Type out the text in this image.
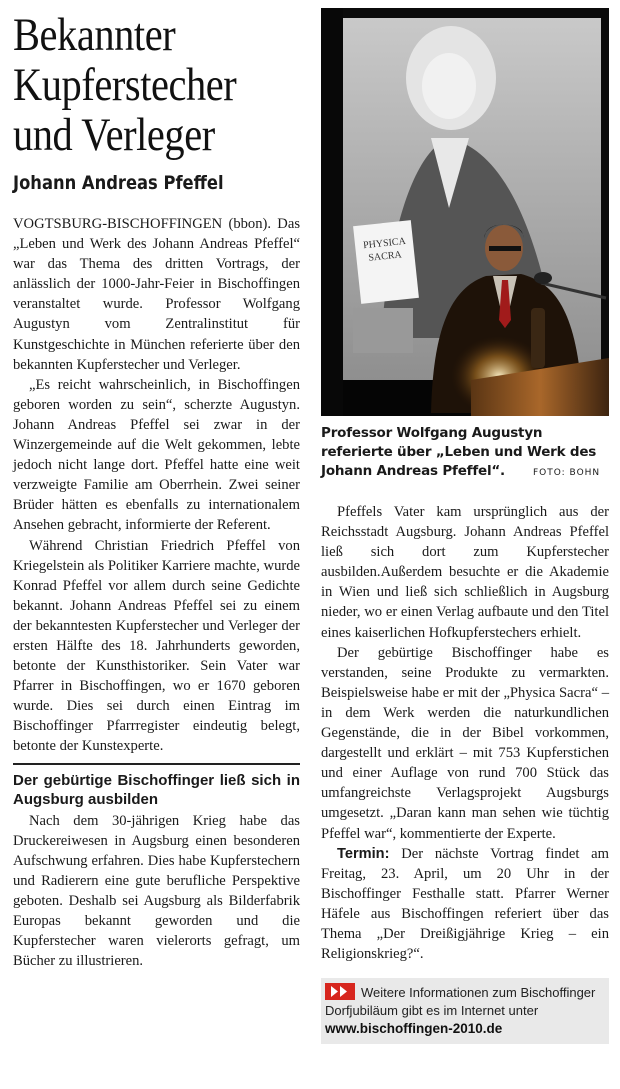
Bekannter
Kupferstecher
und Verleger
Johann Andreas Pfeffel

VOGTSBURG-BISCHOFFINGEN (bbon). Das „Leben und Werk des Johann Andreas Pfeffel“ war das Thema des dritten Vortrags, der anlässlich der 1000-Jahr-Feier in Bischoffingen veranstaltet wurde. Professor Wolfgang Augustyn vom Zentralinstitut für Kunstgeschichte in München referierte über den bekannten Kupferstecher und Verleger.

„Es reicht wahrscheinlich, in Bischoffingen geboren worden zu sein“, scherzte Augustyn. Johann Andreas Pfeffel sei zwar in der Winzergemeinde auf die Welt gekommen, lebte jedoch nicht lange dort. Pfeffel hatte eine weit verzweigte Familie am Oberrhein. Zwei seiner Brüder hätten es ebenfalls zu internationalem Ansehen gebracht, informierte der Referent.

Während Christian Friedrich Pfeffel von Kriegelstein als Politiker Karriere machte, wurde Konrad Pfeffel vor allem durch seine Gedichte bekannt. Johann Andreas Pfeffel sei zu einem der bekanntesten Kupferstecher und Verleger der ersten Hälfte des 18. Jahrhunderts geworden, betonte der Kunsthistoriker. Sein Vater war Pfarrer in Bischoffingen, wo er 1670 geboren wurde. Dies sei durch einen Eintrag im Bischoffinger Pfarrregister eindeutig belegt, betonte der Kunstexperte.

Der gebürtige Bischoffinger ließ sich in Augsburg ausbilden

Nach dem 30-jährigen Krieg habe das Druckereiwesen in Augsburg einen besonderen Aufschwung erfahren. Dies habe Kupferstechern und Radierern eine gute berufliche Perspektive geboten. Deshalb sei Augsburg als Bilderfabrik Europas bekannt geworden und die Kupferstecher waren vielerorts gefragt, um Bücher zu illustrieren.

PHYSICA
SACRA
Professor Wolfgang Augustyn referierte über „Leben und Werk des Johann Andreas Pfeffel“.	FOTO: BOHN

Pfeffels Vater kam ursprünglich aus der Reichsstadt Augsburg. Johann Andreas Pfeffel ließ sich dort zum Kupferstecher ausbilden.Außerdem besuchte er die Akademie in Wien und ließ sich schließlich in Augsburg nieder, wo er einen Verlag aufbaute und den Titel eines kaiserlichen Hofkupferstechers erhielt.

Der gebürtige Bischoffinger habe es verstanden, seine Produkte zu vermarkten. Beispielsweise habe er mit der „Physica Sacra“ – in dem Werk werden die naturkundlichen Gegenstände, die in der Bibel vorkommen, dargestellt und erklärt – mit 753 Kupferstichen und einer Auflage von rund 700 Stück das umfangreichste Verlagsprojekt Augsburgs umgesetzt. „Daran kann man sehen wie tüchtig Pfeffel war“, kommentierte der Experte.

Termin: Der nächste Vortrag findet am Freitag, 23. April, um 20 Uhr in der Bischoffinger Festhalle statt. Pfarrer Werner Häfele aus Bischoffingen referiert über das Thema „Der Dreißigjährige Krieg – ein Religionskrieg?“.

Weitere Informationen zum Bischoffinger Dorfjubiläum gibt es im Internet unter
www.bischoffingen-2010.de
